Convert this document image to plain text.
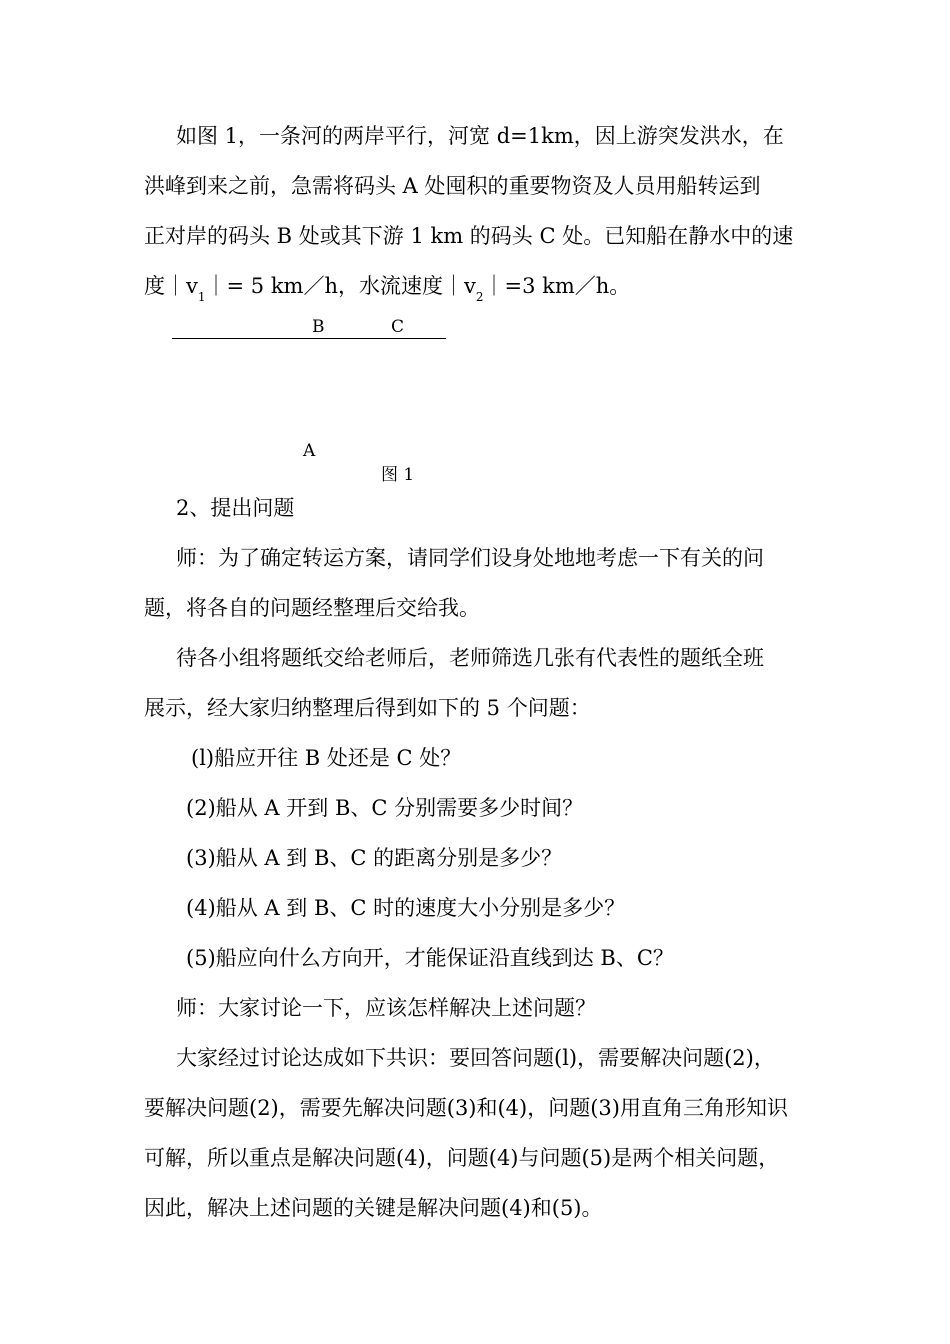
如图 1，一条河的两岸平行，河宽 d=1km，因上游突发洪水，在
洪峰到来之前，急需将码头 A 处囤积的重要物资及人员用船转运到
正对岸的码头 B 处或其下游 1 km 的码头 C 处。已知船在静水中的速
度$|v_1|= 5$ km／h，水流速度$|v_2|=3$ km／h。
B	C
A
图 1
2、提出问题
师：为了确定转运方案，请同学们设身处地地考虑一下有关的问
题，将各自的问题经整理后交给我。
待各小组将题纸交给老师后，老师筛选几张有代表性的题纸全班
展示，经大家归纳整理后得到如下的 5 个问题：
(l)船应开往 B 处还是 C 处？
(2)船从 A 开到 B、C 分别需要多少时间？
(3)船从 A 到 B、C 的距离分别是多少？
(4)船从 A 到 B、C 时的速度大小分别是多少？
(5)船应向什么方向开，才能保证沿直线到达 B、C？
师：大家讨论一下，应该怎样解决上述问题？
大家经过讨论达成如下共识：要回答问题(l)，需要解决问题(2)，
要解决问题(2)，需要先解决问题(3)和(4)，问题(3)用直角三角形知识
可解，所以重点是解决问题(4)，问题(4)与问题(5)是两个相关问题，
因此，解决上述问题的关键是解决问题(4)和(5)。
